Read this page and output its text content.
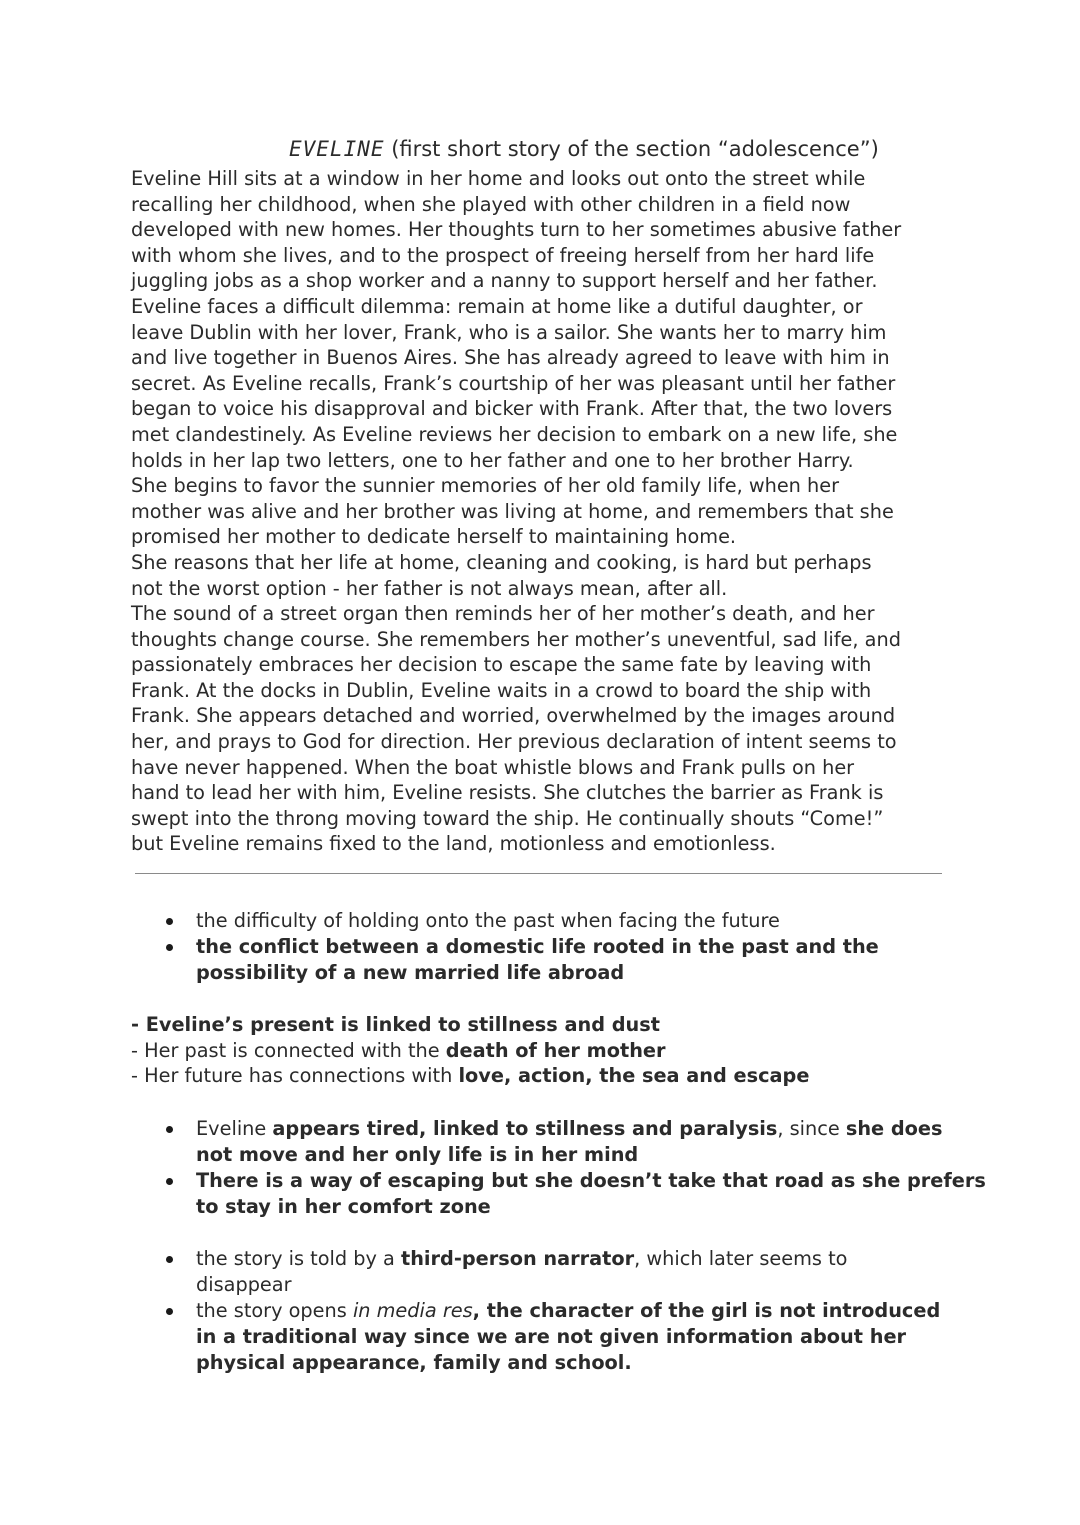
EVELINE (first short story of the section “adolescence”)
Eveline Hill sits at a window in her home and looks out onto the street while
recalling her childhood, when she played with other children in a field now
developed with new homes. Her thoughts turn to her sometimes abusive father
with whom she lives, and to the prospect of freeing herself from her hard life
juggling jobs as a shop worker and a nanny to support herself and her father.
Eveline faces a difficult dilemma: remain at home like a dutiful daughter, or
leave Dublin with her lover, Frank, who is a sailor. She wants her to marry him
and live together in Buenos Aires. She has already agreed to leave with him in
secret. As Eveline recalls, Frank’s courtship of her was pleasant until her father
began to voice his disapproval and bicker with Frank. After that, the two lovers
met clandestinely. As Eveline reviews her decision to embark on a new life, she
holds in her lap two letters, one to her father and one to her brother Harry.
She begins to favor the sunnier memories of her old family life, when her
mother was alive and her brother was living at home, and remembers that she
promised her mother to dedicate herself to maintaining home.
She reasons that her life at home, cleaning and cooking, is hard but perhaps
not the worst option - her father is not always mean, after all.
The sound of a street organ then reminds her of her mother’s death, and her
thoughts change course. She remembers her mother’s uneventful, sad life, and
passionately embraces her decision to escape the same fate by leaving with
Frank. At the docks in Dublin, Eveline waits in a crowd to board the ship with
Frank. She appears detached and worried, overwhelmed by the images around
her, and prays to God for direction. Her previous declaration of intent seems to
have never happened. When the boat whistle blows and Frank pulls on her
hand to lead her with him, Eveline resists. She clutches the barrier as Frank is
swept into the throng moving toward the ship. He continually shouts “Come!”
but Eveline remains fixed to the land, motionless and emotionless.
the difficulty of holding onto the past when facing the future
the conflict between a domestic life rooted in the past and the
possibility of a new married life abroad
- Eveline’s present is linked to stillness and dust
- Her past is connected with the death of her mother
- Her future has connections with love, action, the sea and escape
Eveline appears tired, linked to stillness and paralysis, since she does
not move and her only life is in her mind
There is a way of escaping but she doesn’t take that road as she prefers
to stay in her comfort zone
the story is told by a third-person narrator, which later seems to
disappear
the story opens in media res, the character of the girl is not introduced
in a traditional way since we are not given information about her
physical appearance, family and school.
